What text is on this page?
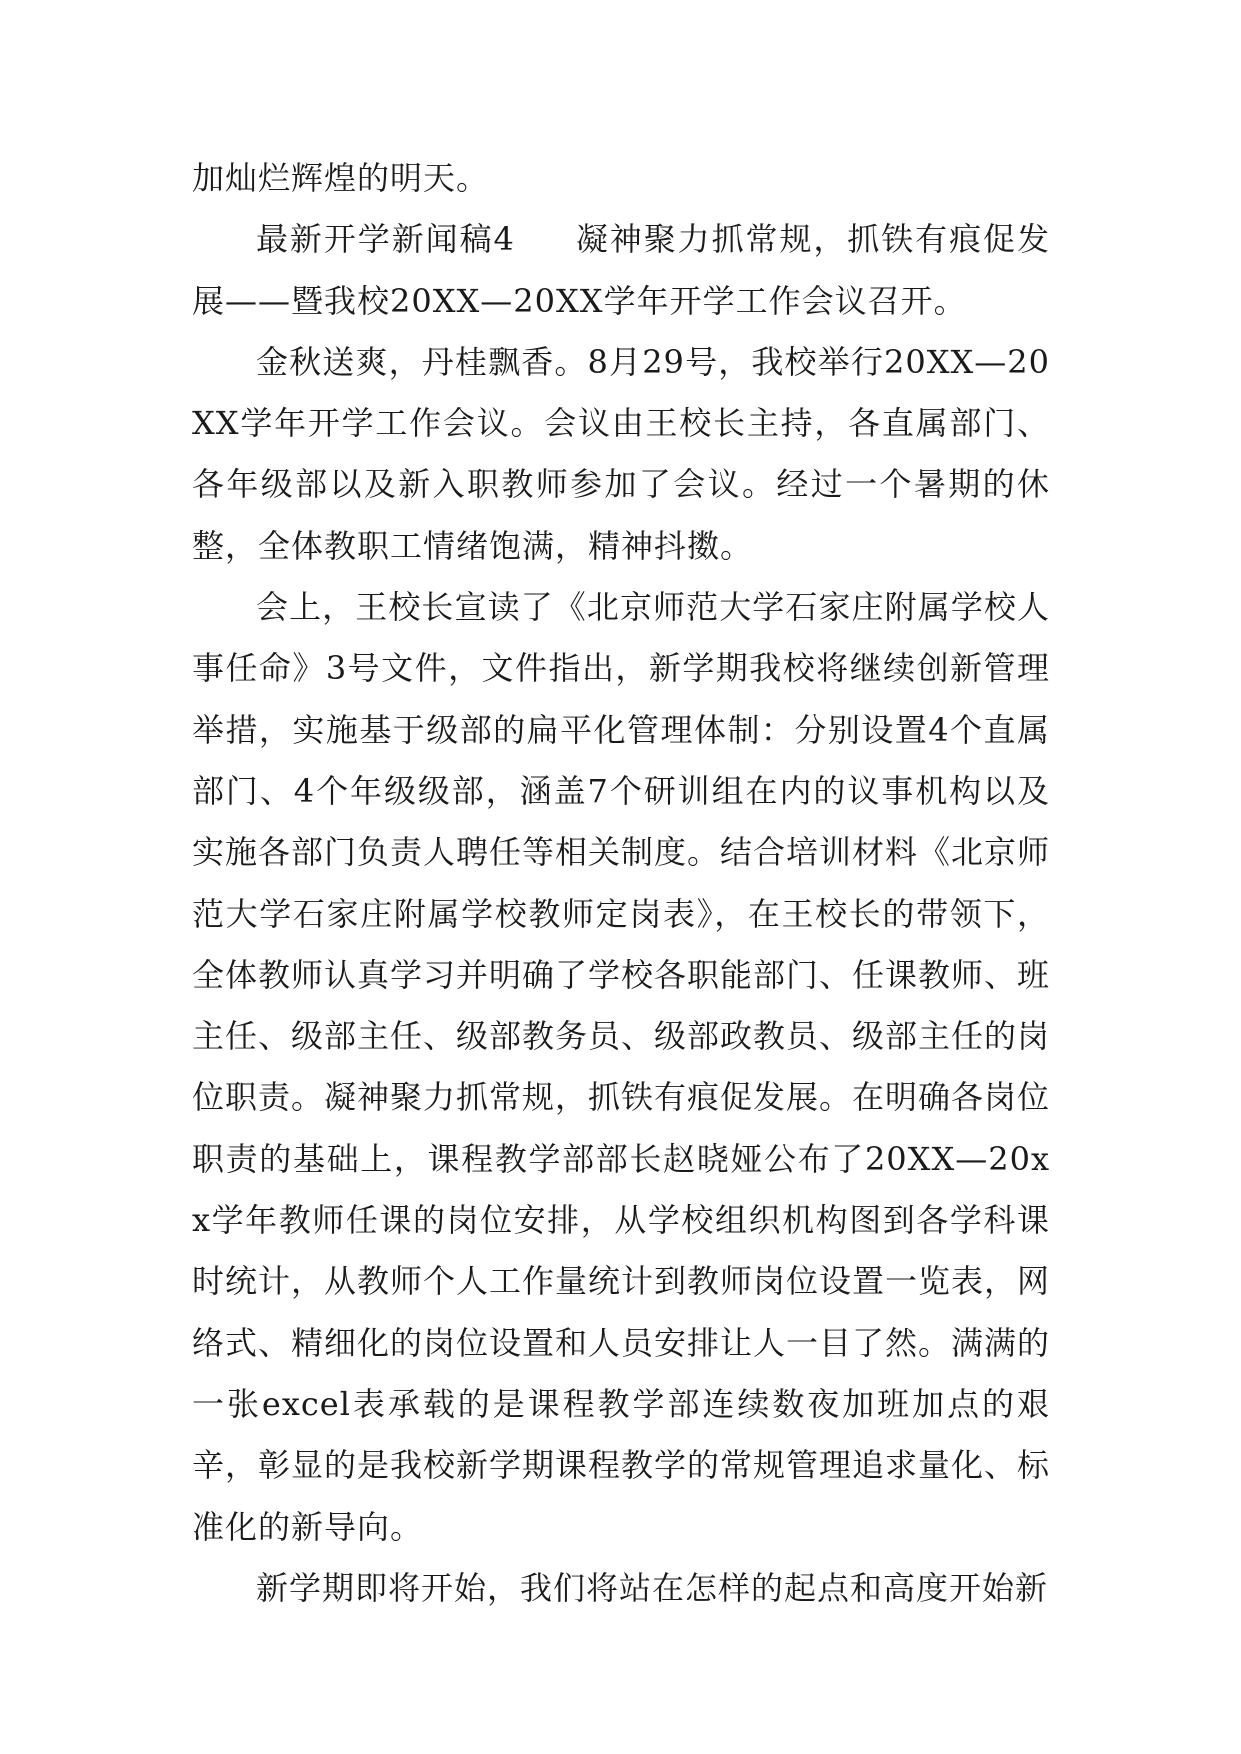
加灿烂辉煌的明天。

最新开学新闻稿4 凝神聚力抓常规，抓铁有痕促发展——暨我校20XX—20XX学年开学工作会议召开。

金秋送爽，丹桂飘香。8月29号，我校举行20XX—20XX学年开学工作会议。会议由王校长主持，各直属部门、各年级部以及新入职教师参加了会议。经过一个暑期的休整，全体教职工情绪饱满，精神抖擞。

会上，王校长宣读了《北京师范大学石家庄附属学校人事任命》3号文件，文件指出，新学期我校将继续创新管理举措，实施基于级部的扁平化管理体制：分别设置4个直属部门、4个年级级部，涵盖7个研训组在内的议事机构以及实施各部门负责人聘任等相关制度。结合培训材料《北京师范大学石家庄附属学校教师定岗表》，在王校长的带领下，全体教师认真学习并明确了学校各职能部门、任课教师、班主任、级部主任、级部教务员、级部政教员、级部主任的岗位职责。凝神聚力抓常规，抓铁有痕促发展。在明确各岗位职责的基础上，课程教学部部长赵晓娅公布了20XX—20xx学年教师任课的岗位安排，从学校组织机构图到各学科课时统计，从教师个人工作量统计到教师岗位设置一览表，网络式、精细化的岗位设置和人员安排让人一目了然。满满的一张excel表承载的是课程教学部连续数夜加班加点的艰辛，彰显的是我校新学期课程教学的常规管理追求量化、标准化的新导向。

新学期即将开始，我们将站在怎样的起点和高度开始新
